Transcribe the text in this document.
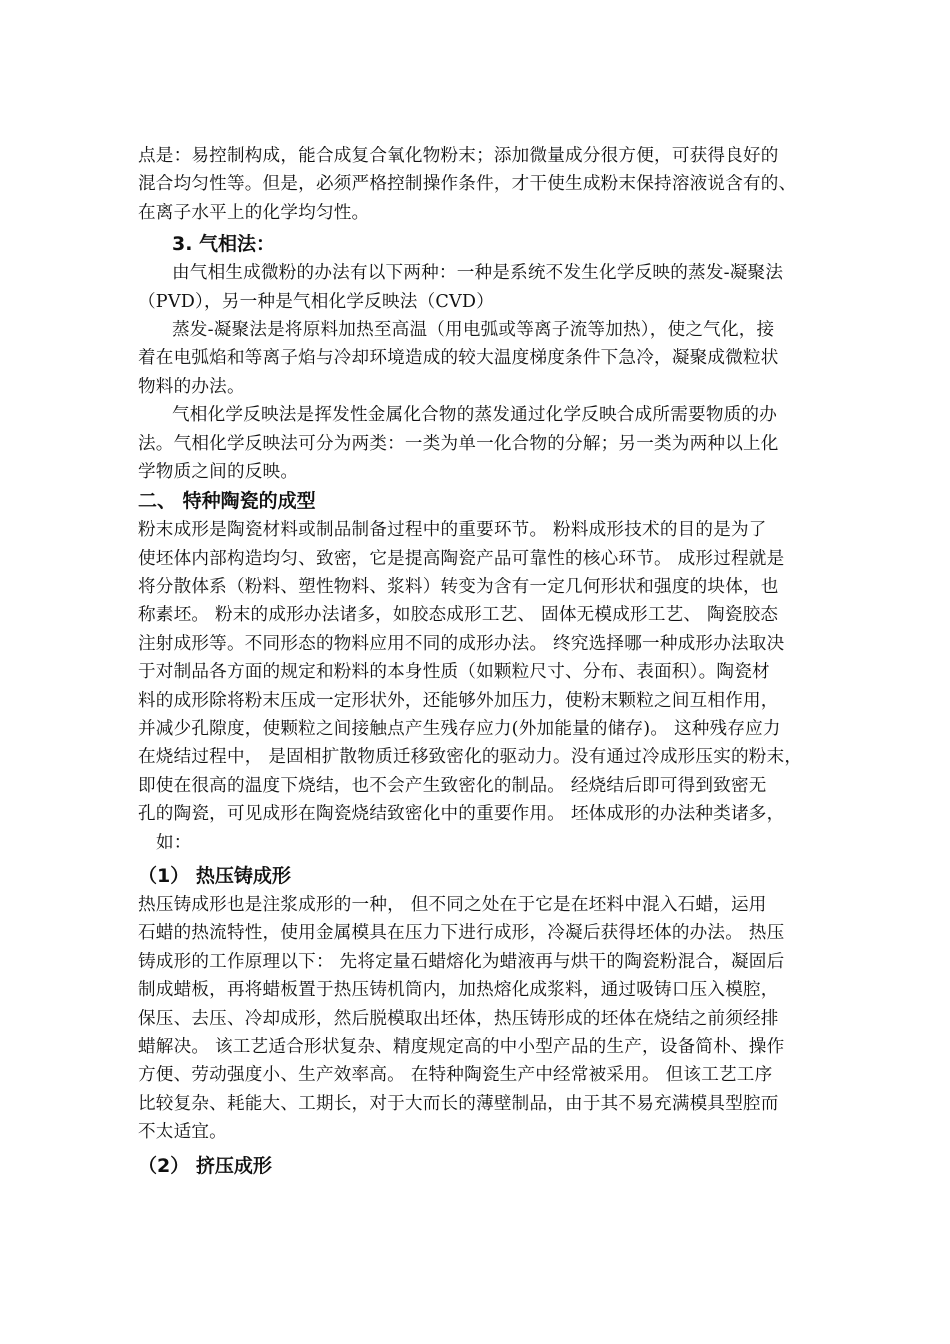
点是：易控制构成，能合成复合氧化物粉末；添加微量成分很方便，可获得良好的
混合均匀性等。但是，必须严格控制操作条件，才干使生成粉末保持溶液说含有的、
在离子水平上的化学均匀性。
3. 气相法：
由气相生成微粉的办法有以下两种：一种是系统不发生化学反映的蒸发-凝聚法
（PVD），另一种是气相化学反映法（CVD）
蒸发-凝聚法是将原料加热至高温（用电弧或等离子流等加热），使之气化，接
着在电弧焰和等离子焰与冷却环境造成的较大温度梯度条件下急冷，凝聚成微粒状
物料的办法。
气相化学反映法是挥发性金属化合物的蒸发通过化学反映合成所需要物质的办
法。气相化学反映法可分为两类：一类为单一化合物的分解；另一类为两种以上化
学物质之间的反映。
二、 特种陶瓷的成型
粉末成形是陶瓷材料或制品制备过程中的重要环节。 粉料成形技术的目的是为了
使坯体内部构造均匀、致密，它是提高陶瓷产品可靠性的核心环节。 成形过程就是
将分散体系（粉料、塑性物料、浆料）转变为含有一定几何形状和强度的块体，也
称素坯。 粉末的成形办法诸多，如胶态成形工艺、 固体无模成形工艺、 陶瓷胶态
注射成形等。不同形态的物料应用不同的成形办法。 终究选择哪一种成形办法取决
于对制品各方面的规定和粉料的本身性质（如颗粒尺寸、分布、表面积）。陶瓷材
料的成形除将粉末压成一定形状外，还能够外加压力，使粉末颗粒之间互相作用，
并减少孔隙度，使颗粒之间接触点产生残存应力(外加能量的储存)。 这种残存应力
在烧结过程中， 是固相扩散物质迁移致密化的驱动力。没有通过冷成形压实的粉末，
即使在很高的温度下烧结，也不会产生致密化的制品。 经烧结后即可得到致密无
孔的陶瓷，可见成形在陶瓷烧结致密化中的重要作用。 坯体成形的办法种类诸多，
如：
（1） 热压铸成形
热压铸成形也是注浆成形的一种， 但不同之处在于它是在坯料中混入石蜡，运用
石蜡的热流特性，使用金属模具在压力下进行成形，冷凝后获得坯体的办法。 热压
铸成形的工作原理以下： 先将定量石蜡熔化为蜡液再与烘干的陶瓷粉混合，凝固后
制成蜡板，再将蜡板置于热压铸机筒内，加热熔化成浆料，通过吸铸口压入模腔，
保压、去压、冷却成形，然后脱模取出坯体，热压铸形成的坯体在烧结之前须经排
蜡解决。 该工艺适合形状复杂、精度规定高的中小型产品的生产，设备简朴、操作
方便、劳动强度小、生产效率高。 在特种陶瓷生产中经常被采用。 但该工艺工序
比较复杂、耗能大、工期长，对于大而长的薄壁制品，由于其不易充满模具型腔而
不太适宜。
（2） 挤压成形
